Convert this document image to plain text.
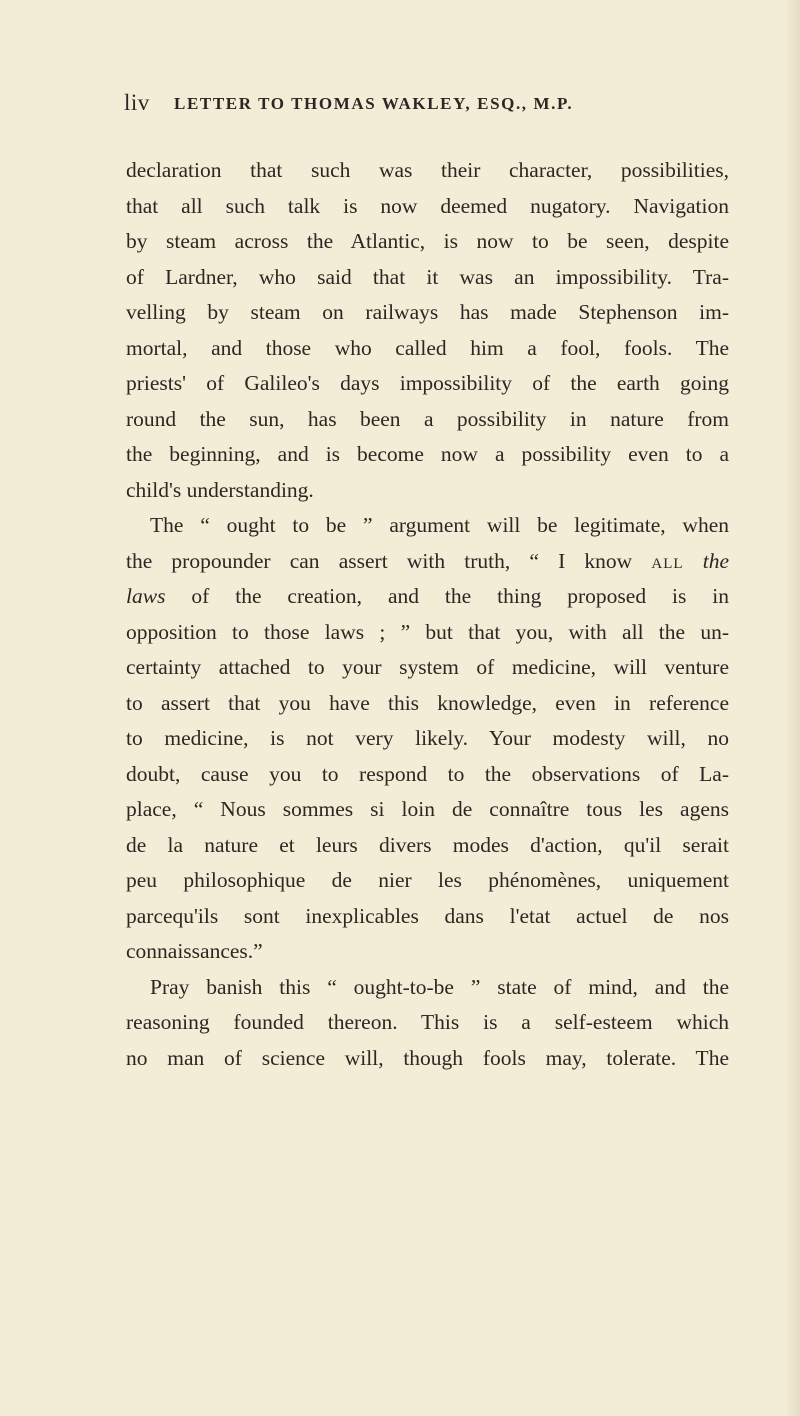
liv LETTER TO THOMAS WAKLEY, ESQ., M.P.
declaration that such was their character, possibilities,
that all such talk is now deemed nugatory. Navigation
by steam across the Atlantic, is now to be seen, despite
of Lardner, who said that it was an impossibility. Tra-
velling by steam on railways has made Stephenson im-
mortal, and those who called him a fool, fools. The
priests' of Galileo's days impossibility of the earth going
round the sun, has been a possibility in nature from
the beginning, and is become now a possibility even to a
child's understanding.
The “ ought to be ” argument will be legitimate, when
the propounder can assert with truth, “ I know all the
laws of the creation, and the thing proposed is in
opposition to those laws ; ” but that you, with all the un-
certainty attached to your system of medicine, will venture
to assert that you have this knowledge, even in reference
to medicine, is not very likely. Your modesty will, no
doubt, cause you to respond to the observations of La-
place, “ Nous sommes si loin de connaître tous les agens
de la nature et leurs divers modes d'action, qu'il serait
peu philosophique de nier les phénomènes, uniquement
parcequ'ils sont inexplicables dans l'etat actuel de nos
connaissances.”
Pray banish this “ ought-to-be ” state of mind, and the
reasoning founded thereon. This is a self-esteem which
no man of science will, though fools may, tolerate. The
